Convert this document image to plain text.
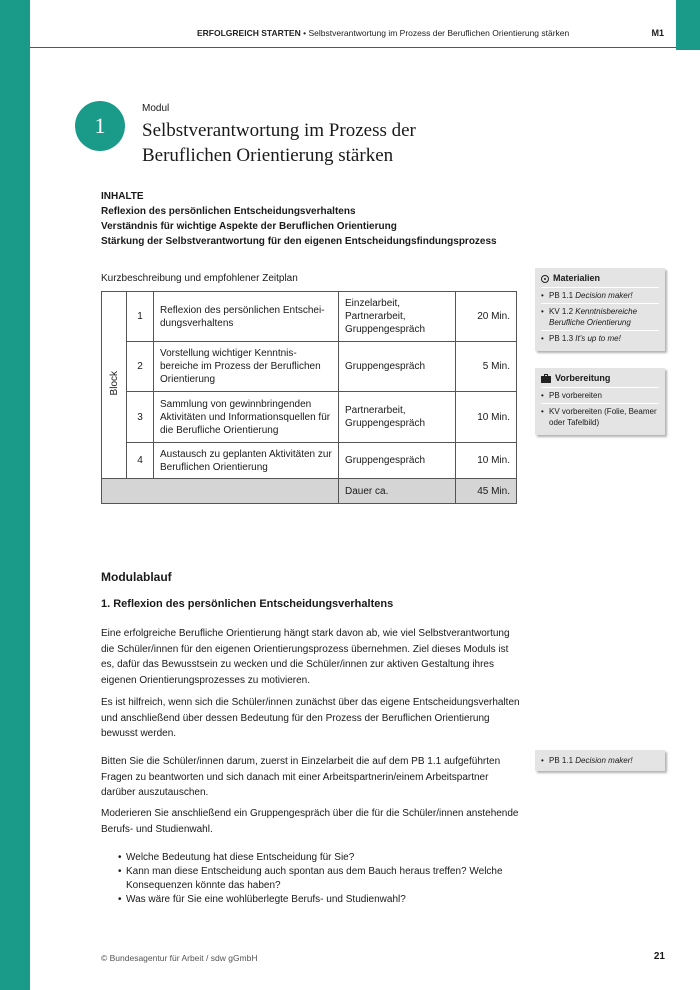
ERFOLGREICH STARTEN • Selbstverantwortung im Prozess der Beruflichen Orientierung stärken	M1
1
Modul
Selbstverantwortung im Prozess der
Beruflichen Orientierung stärken
INHALTE
Reflexion des persönlichen Entscheidungsverhaltens
Verständnis für wichtige Aspekte der Beruflichen Orientierung
Stärkung der Selbstverantwortung für den eigenen Entscheidungsfindungsprozess
Kurzbeschreibung und empfohlener Zeitplan
Block	1	Reflexion des persönlichen Entschei-dungsverhaltens	Einzelarbeit, Partnerarbeit, Gruppengespräch	20 Min.
	2	Vorstellung wichtiger Kenntnis-bereiche im Prozess der Beruflichen Orientierung	Gruppengespräch	5 Min.
	3	Sammlung von gewinnbringenden Aktivitäten und Informationsquellen für die Berufliche Orientierung	Partnerarbeit, Gruppengespräch	10 Min.
	4	Austausch zu geplanten Aktivitäten zur Beruflichen Orientierung	Gruppengespräch	10 Min.
			Dauer ca.	45 Min.
Materialien
• PB 1.1 Decision maker!
• KV 1.2 Kenntnisbereiche Berufliche Orientierung
• PB 1.3 It's up to me!
Vorbereitung
• PB vorbereiten
• KV vorbereiten (Folie, Beamer oder Tafelbild)
• PB 1.1 Decision maker!
Modulablauf
1. Reflexion des persönlichen Entscheidungsverhaltens
Eine erfolgreiche Berufliche Orientierung hängt stark davon ab, wie viel Selbstverantwortung die Schüler/innen für den eigenen Orientierungsprozess übernehmen. Ziel dieses Moduls ist es, dafür das Bewusstsein zu wecken und die Schüler/innen zur aktiven Gestaltung ihres eigenen Orientierungsprozesses zu motivieren.
Es ist hilfreich, wenn sich die Schüler/innen zunächst über das eigene Entscheidungsverhalten und anschließend über dessen Bedeutung für den Prozess der Beruflichen Orientierung bewusst werden.
Bitten Sie die Schüler/innen darum, zuerst in Einzelarbeit die auf dem PB 1.1 aufgeführten Fragen zu beantworten und sich danach mit einer Arbeitspartnerin/einem Arbeitspartner darüber auszutauschen.
Moderieren Sie anschließend ein Gruppengespräch über die für die Schüler/innen anstehende Berufs- und Studienwahl.
• Welche Bedeutung hat diese Entscheidung für Sie?
• Kann man diese Entscheidung auch spontan aus dem Bauch heraus treffen? Welche Konsequenzen könnte das haben?
• Was wäre für Sie eine wohlüberlegte Berufs- und Studienwahl?
© Bundesagentur für Arbeit / sdw gGmbH	21
